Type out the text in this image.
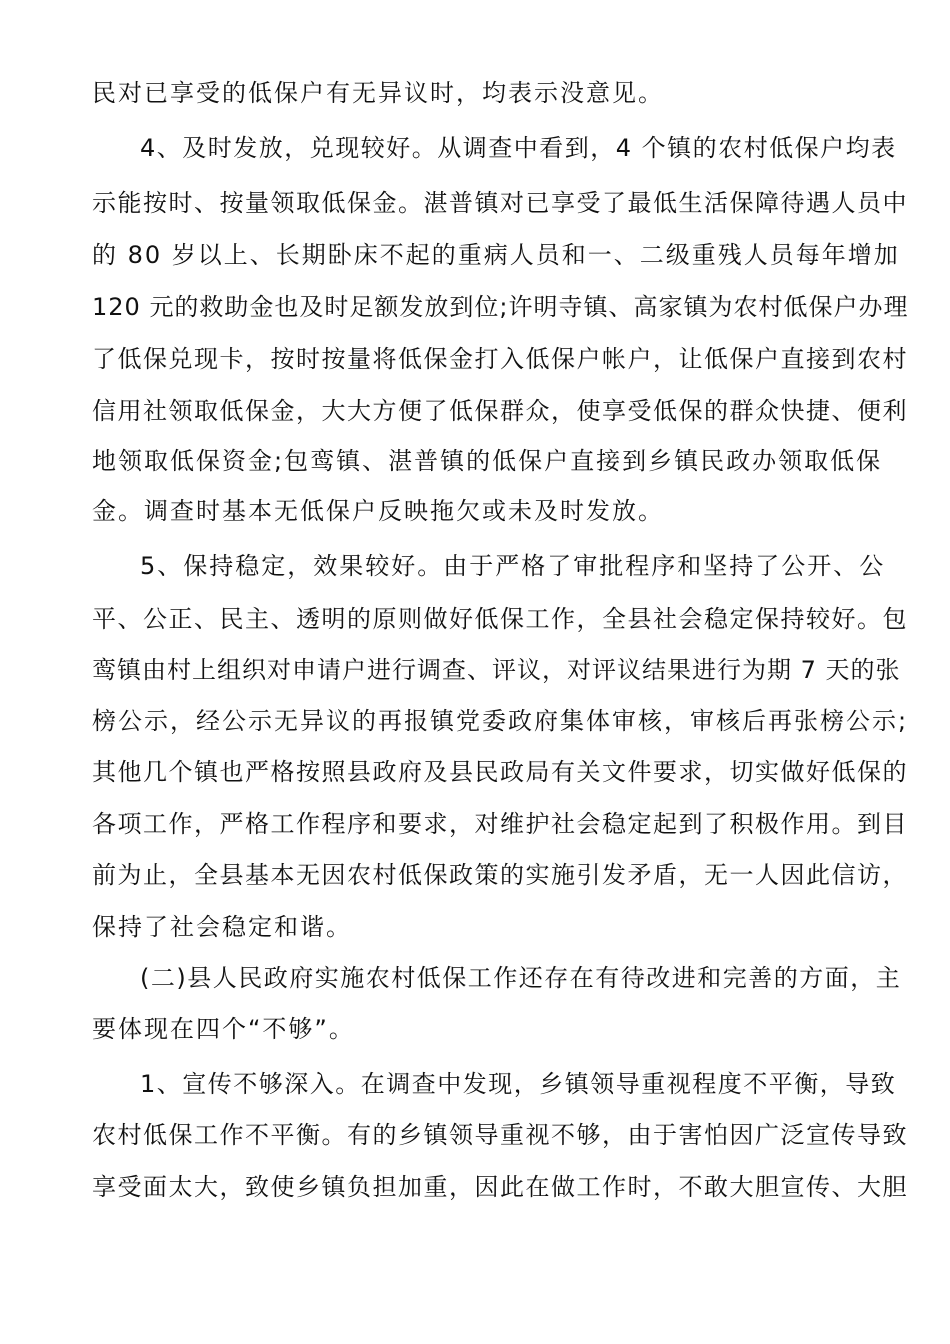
民对已享受的低保户有无异议时，均表示没意见。
4、及时发放，兑现较好。从调查中看到，4 个镇的农村低保户均表
示能按时、按量领取低保金。湛普镇对已享受了最低生活保障待遇人员中
的 80 岁以上、长期卧床不起的重病人员和一、二级重残人员每年增加
120 元的救助金也及时足额发放到位;许明寺镇、高家镇为农村低保户办理
了低保兑现卡，按时按量将低保金打入低保户帐户，让低保户直接到农村
信用社领取低保金，大大方便了低保群众，使享受低保的群众快捷、便利
地领取低保资金;包鸾镇、湛普镇的低保户直接到乡镇民政办领取低保
金。调查时基本无低保户反映拖欠或未及时发放。
5、保持稳定，效果较好。由于严格了审批程序和坚持了公开、公
平、公正、民主、透明的原则做好低保工作，全县社会稳定保持较好。包
鸾镇由村上组织对申请户进行调查、评议，对评议结果进行为期 7 天的张
榜公示，经公示无异议的再报镇党委政府集体审核，审核后再张榜公示;
其他几个镇也严格按照县政府及县民政局有关文件要求，切实做好低保的
各项工作，严格工作程序和要求，对维护社会稳定起到了积极作用。到目
前为止，全县基本无因农村低保政策的实施引发矛盾，无一人因此信访，
保持了社会稳定和谐。
(二)县人民政府实施农村低保工作还存在有待改进和完善的方面，主
要体现在四个“不够”。
1、宣传不够深入。在调查中发现，乡镇领导重视程度不平衡，导致
农村低保工作不平衡。有的乡镇领导重视不够，由于害怕因广泛宣传导致
享受面太大，致使乡镇负担加重，因此在做工作时，不敢大胆宣传、大胆
